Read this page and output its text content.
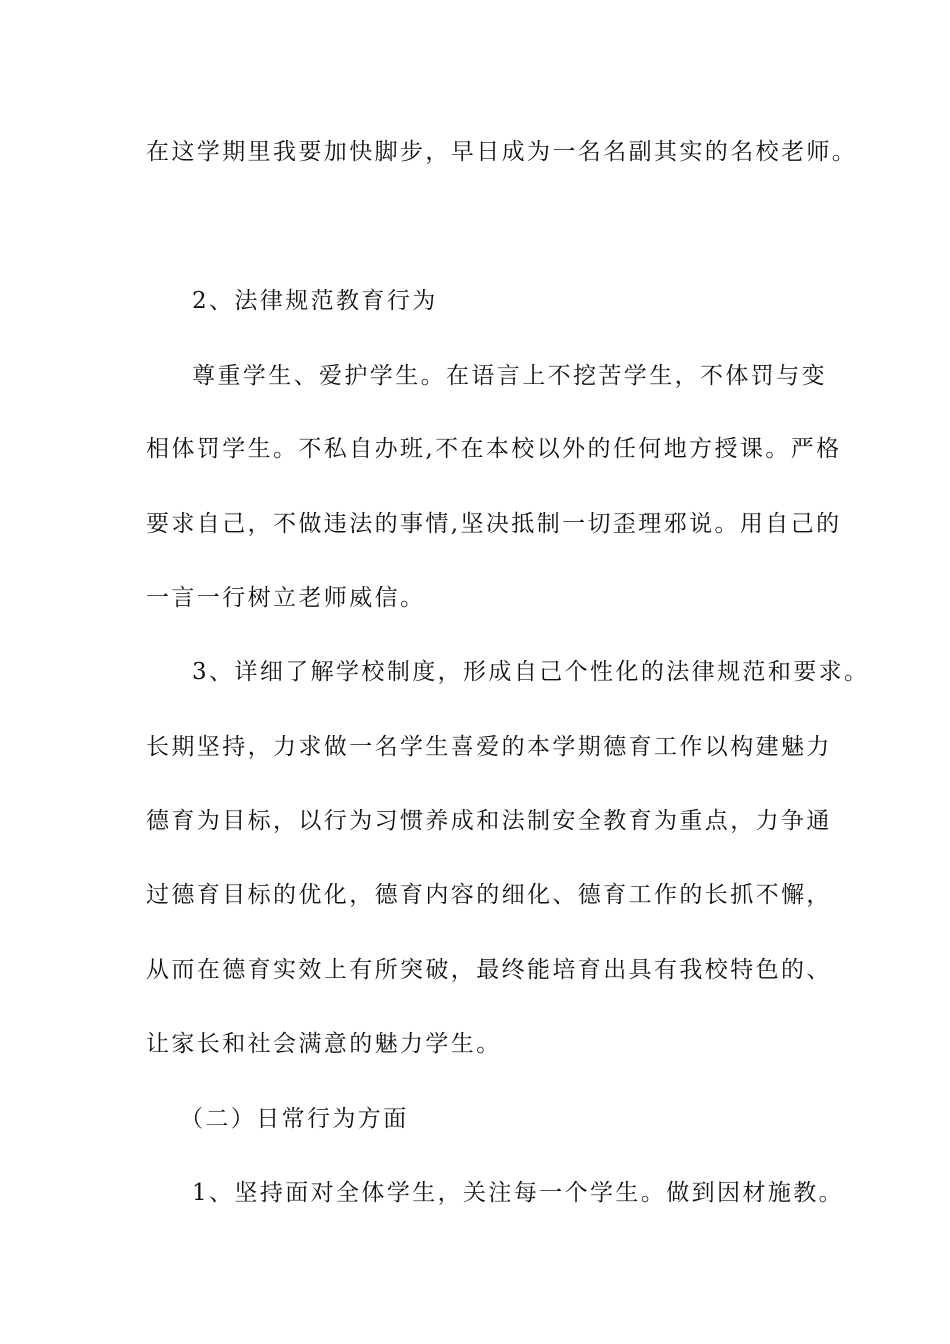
在这学期里我要加快脚步，早日成为一名名副其实的名校老师。
2、法律规范教育行为
尊重学生、爱护学生。在语言上不挖苦学生，不体罚与变
相体罚学生。不私自办班,不在本校以外的任何地方授课。严格
要求自己，不做违法的事情,坚决抵制一切歪理邪说。用自己的
一言一行树立老师威信。
3、详细了解学校制度，形成自己个性化的法律规范和要求。
长期坚持，力求做一名学生喜爱的本学期德育工作以构建魅力
德育为目标，以行为习惯养成和法制安全教育为重点，力争通
过德育目标的优化，德育内容的细化、德育工作的长抓不懈，
从而在德育实效上有所突破，最终能培育出具有我校特色的、
让家长和社会满意的魅力学生。
（二）日常行为方面
1、坚持面对全体学生，关注每一个学生。做到因材施教。
